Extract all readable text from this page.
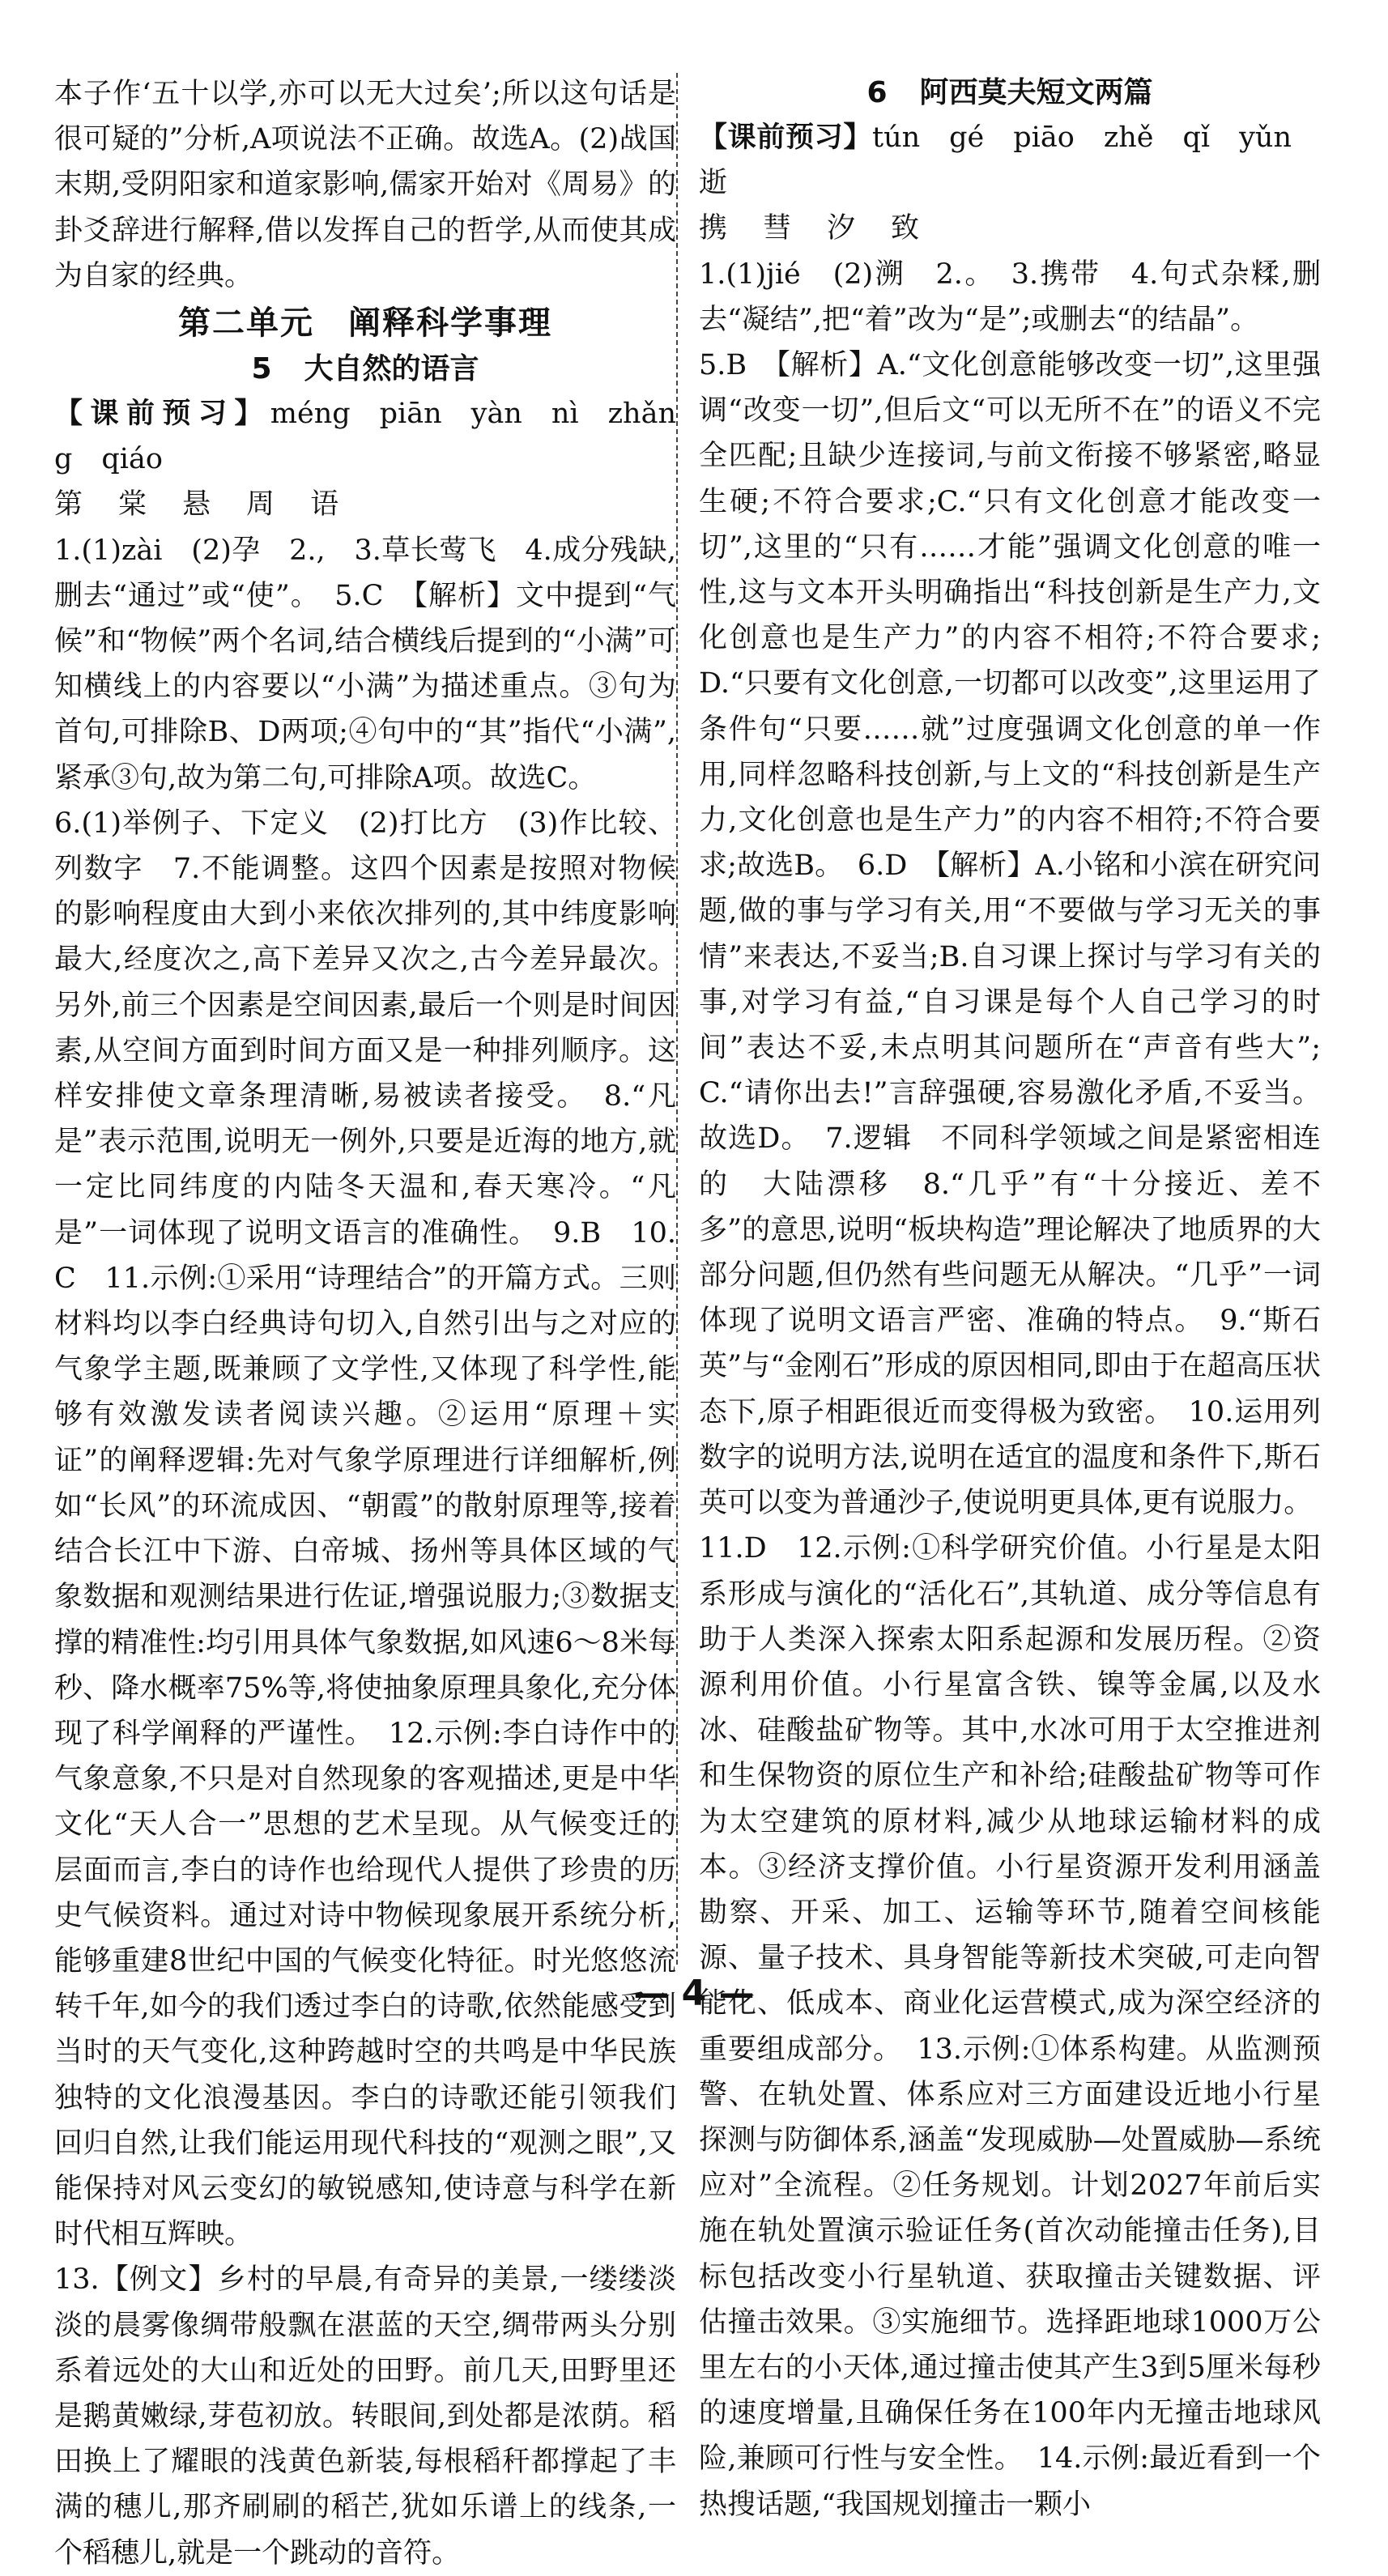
本子作‘五十以学,亦可以无大过矣’;所以这句话是很可疑的”分析,A项说法不正确。故选A。(2)战国末期,受阴阳家和道家影响,儒家开始对《周易》的卦爻辞进行解释,借以发挥自己的哲学,从而使其成为自家的经典。

第二单元　阐释科学事理
5 大自然的语言

【课前预习】méng piān yàn nì zhǎng qiáo

第 棠 悬 周 语

1.(1)zài　(2)孕　2.,　3.草长莺飞　4.成分残缺,删去“通过”或“使”。　5.C　【解析】文中提到“气候”和“物候”两个名词,结合横线后提到的“小满”可知横线上的内容要以“小满”为描述重点。③句为首句,可排除B、D两项;④句中的“其”指代“小满”,紧承③句,故为第二句,可排除A项。故选C。

6.(1)举例子、下定义　(2)打比方　(3)作比较、列数字　7.不能调整。这四个因素是按照对物候的影响程度由大到小来依次排列的,其中纬度影响最大,经度次之,高下差异又次之,古今差异最次。另外,前三个因素是空间因素,最后一个则是时间因素,从空间方面到时间方面又是一种排列顺序。这样安排使文章条理清晰,易被读者接受。　8.“凡是”表示范围,说明无一例外,只要是近海的地方,就一定比同纬度的内陆冬天温和,春天寒冷。“凡是”一词体现了说明文语言的准确性。　9.B　10.C　11.示例:①采用“诗理结合”的开篇方式。三则材料均以李白经典诗句切入,自然引出与之对应的气象学主题,既兼顾了文学性,又体现了科学性,能够有效激发读者阅读兴趣。②运用“原理＋实证”的阐释逻辑:先对气象学原理进行详细解析,例如“长风”的环流成因、“朝霞”的散射原理等,接着结合长江中下游、白帝城、扬州等具体区域的气象数据和观测结果进行佐证,增强说服力;③数据支撑的精准性:均引用具体气象数据,如风速6～8米每秒、降水概率75%等,将使抽象原理具象化,充分体现了科学阐释的严谨性。　12.示例:李白诗作中的气象意象,不只是对自然现象的客观描述,更是中华文化“天人合一”思想的艺术呈现。从气候变迁的层面而言,李白的诗作也给现代人提供了珍贵的历史气候资料。通过对诗中物候现象展开系统分析,能够重建8世纪中国的气候变化特征。时光悠悠流转千年,如今的我们透过李白的诗歌,依然能感受到当时的天气变化,这种跨越时空的共鸣是中华民族独特的文化浪漫基因。李白的诗歌还能引领我们回归自然,让我们能运用现代科技的“观测之眼”,又能保持对风云变幻的敏锐感知,使诗意与科学在新时代相互辉映。

13.【例文】乡村的早晨,有奇异的美景,一缕缕淡淡的晨雾像绸带般飘在湛蓝的天空,绸带两头分别系着远处的大山和近处的田野。前几天,田野里还是鹅黄嫩绿,芽苞初放。转眼间,到处都是浓荫。稻田换上了耀眼的浅黄色新装,每根稻秆都撑起了丰满的穗儿,那齐刷刷的稻芒,犹如乐谱上的线条,一个稻穗儿,就是一个跳动的音符。

6 阿西莫夫短文两篇

【课前预习】tún gé piāo zhě qǐ yǔn逝

携 彗 汐 致

1.(1)jié　(2)溯　2.。　3.携带　4.句式杂糅,删去“凝结”,把“着”改为“是”;或删去“的结晶”。

5.B　【解析】A.“文化创意能够改变一切”,这里强调“改变一切”,但后文“可以无所不在”的语义不完全匹配;且缺少连接词,与前文衔接不够紧密,略显生硬;不符合要求;C.“只有文化创意才能改变一切”,这里的“只有……才能”强调文化创意的唯一性,这与文本开头明确指出“科技创新是生产力,文化创意也是生产力”的内容不相符;不符合要求;D.“只要有文化创意,一切都可以改变”,这里运用了条件句“只要……就”过度强调文化创意的单一作用,同样忽略科技创新,与上文的“科技创新是生产力,文化创意也是生产力”的内容不相符;不符合要求;故选B。　6.D　【解析】A.小铭和小滨在研究问题,做的事与学习有关,用“不要做与学习无关的事情”来表达,不妥当;B.自习课上探讨与学习有关的事,对学习有益,“自习课是每个人自己学习的时间”表达不妥,未点明其问题所在“声音有些大”;C.“请你出去!”言辞强硬,容易激化矛盾,不妥当。故选D。　7.逻辑　不同科学领域之间是紧密相连的　大陆漂移　8.“几乎”有“十分接近、差不多”的意思,说明“板块构造”理论解决了地质界的大部分问题,但仍然有些问题无从解决。“几乎”一词体现了说明文语言严密、准确的特点。　9.“斯石英”与“金刚石”形成的原因相同,即由于在超高压状态下,原子相距很近而变得极为致密。　10.运用列数字的说明方法,说明在适宜的温度和条件下,斯石英可以变为普通沙子,使说明更具体,更有说服力。

11.D　12.示例:①科学研究价值。小行星是太阳系形成与演化的“活化石”,其轨道、成分等信息有助于人类深入探索太阳系起源和发展历程。②资源利用价值。小行星富含铁、镍等金属,以及水冰、硅酸盐矿物等。其中,水冰可用于太空推进剂和生保物资的原位生产和补给;硅酸盐矿物等可作为太空建筑的原材料,减少从地球运输材料的成本。③经济支撑价值。小行星资源开发利用涵盖勘察、开采、加工、运输等环节,随着空间核能源、量子技术、具身智能等新技术突破,可走向智能化、低成本、商业化运营模式,成为深空经济的重要组成部分。　13.示例:①体系构建。从监测预警、在轨处置、体系应对三方面建设近地小行星探测与防御体系,涵盖“发现威胁—处置威胁—系统应对”全流程。②任务规划。计划2027年前后实施在轨处置演示验证任务(首次动能撞击任务),目标包括改变小行星轨道、获取撞击关键数据、评估撞击效果。③实施细节。选择距地球1000万公里左右的小天体,通过撞击使其产生3到5厘米每秒的速度增量,且确保任务在100年内无撞击地球风险,兼顾可行性与安全性。　14.示例:最近看到一个热搜话题,“我国规划撞击一颗小

— 4 —
